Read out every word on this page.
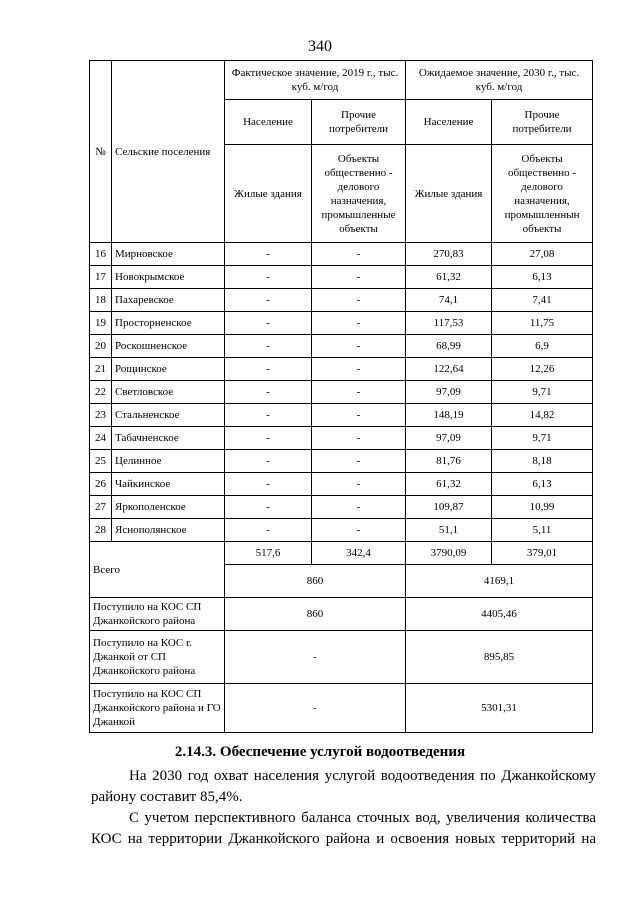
340
№	Сельские поселения	Фактическое значение, 2019 г., тыс. куб. м/год		Ожидаемое значение, 2030 г., тыс. куб. м/год	
		Население	Прочие потребители	Население	Прочие потребители
		Жилые здания	Объекты общественно - делового назначения, промышленные объекты	Жилые здания	Объекты общественно - делового назначения, промышленнын объекты
16	Мирновское	-	-	270,83	27,08
17	Новокрымское	-	-	61,32	6,13
18	Пахаревское	-	-	74,1	7,41
19	Просторненское	-	-	117,53	11,75
20	Роскошненское	-	-	68,99	6,9
21	Рощинское	-	-	122,64	12,26
22	Светловское	-	-	97,09	9,71
23	Стальненское	-	-	148,19	14,82
24	Табачненское	-	-	97,09	9,71
25	Целинное	-	-	81,76	8,18
26	Чайкинское	-	-	61,32	6,13
27	Яркополенское	-	-	109,87	10,99
28	Яснополянское	-	-	51,1	5,11
Всего		517,6	342,4	3790,09	379,01
		860		4169,1	
Поступило на КОС СП Джанкойского района		860		4405,46	
Поступило на КОС г. Джанкой от СП Джанкойского района		-		895,85	
Поступило на КОС СП Джанкойского района и ГО Джанкой		-		5301,31	
2.14.3. Обеспечение услугой водоотведения
На 2030 год охват населения услугой водоотведения по Джанкойскому
району составит 85,4%.
С учетом перспективного баланса сточных вод, увеличения количества
КОС на территории Джанкойского района и освоения новых территорий на
